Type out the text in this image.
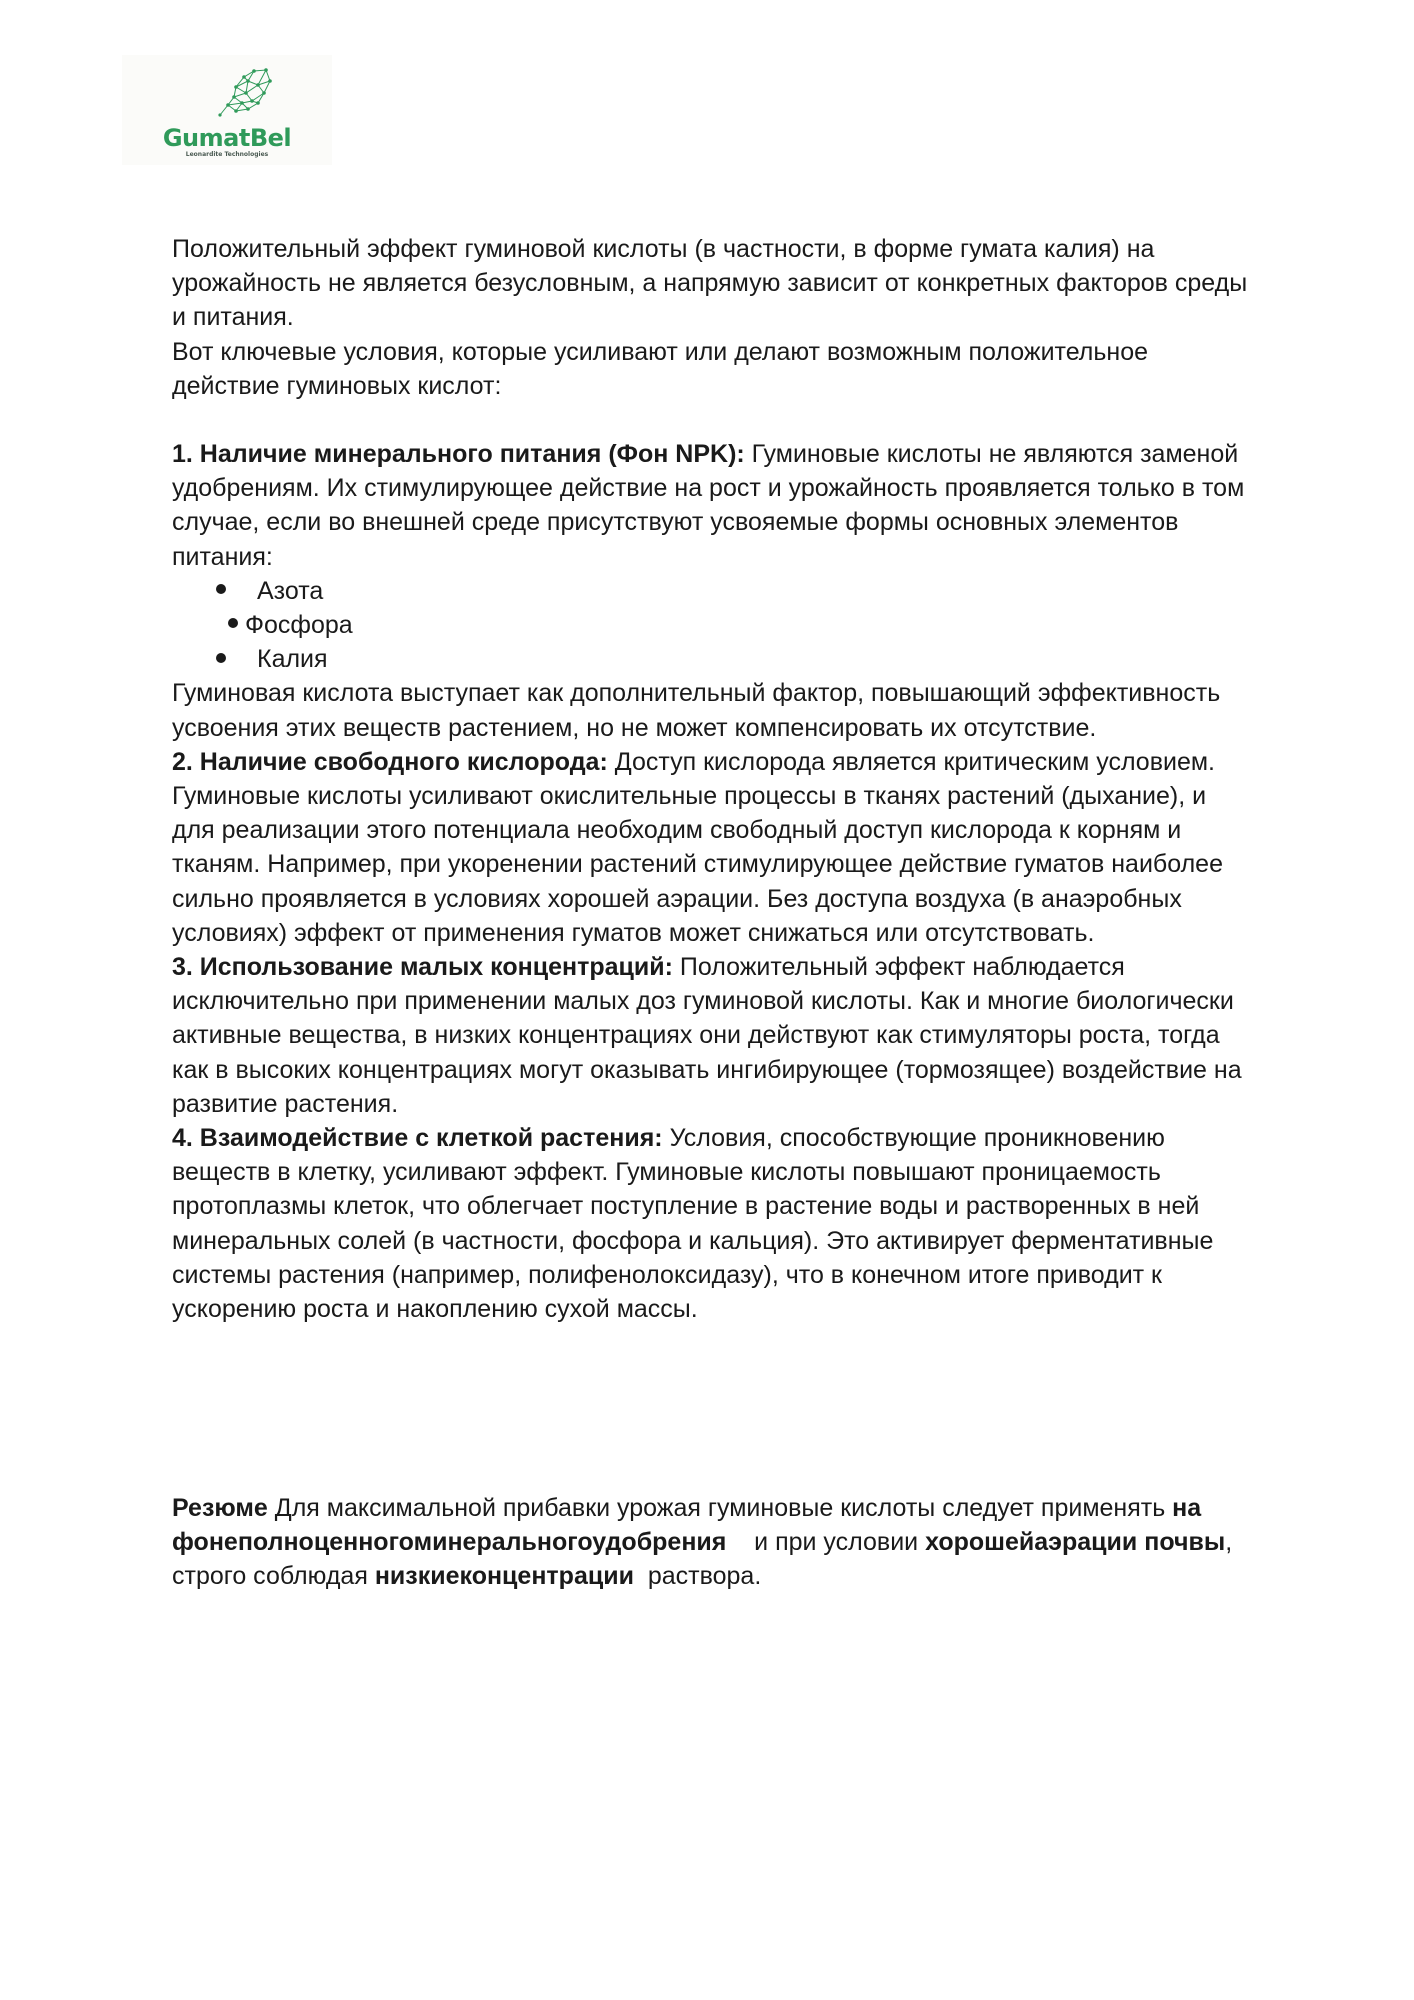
GumatBel
Leonardite Technologies

Положительный эффект гуминовой кислоты (в частности, в форме гумата калия) на урожайность не является безусловным, а напрямую зависит от конкретных факторов среды и питания.

Вот ключевые условия, которые усиливают или делают возможным положительное действие гуминовых кислот:

1. Наличие минерального питания (Фон NPK): Гуминовые кислоты не являются заменой удобрениям. Их стимулирующее действие на рост и урожайность проявляется только в том случае, если во внешней среде присутствуют усвояемые формы основных элементов питания:

Азота
Фосфора
Калия

Гуминовая кислота выступает как дополнительный фактор, повышающий эффективность усвоения этих веществ растением, но не может компенсировать их отсутствие.

2. Наличие свободного кислорода: Доступ кислорода является критическим условием. Гуминовые кислоты усиливают окислительные процессы в тканях растений (дыхание), и для реализации этого потенциала необходим свободный доступ кислорода к корням и тканям. Например, при укоренении растений стимулирующее действие гуматов наиболее сильно проявляется в условиях хорошей аэрации. Без доступа воздуха (в анаэробных условиях) эффект от применения гуматов может снижаться или отсутствовать.

3. Использование малых концентраций: Положительный эффект наблюдается исключительно при применении малых доз гуминовой кислоты. Как и многие биологически активные вещества, в низких концентрациях они действуют как стимуляторы роста, тогда как в высоких концентрациях могут оказывать ингибирующее (тормозящее) воздействие на развитие растения.

4. Взаимодействие с клеткой растения: Условия, способствующие проникновению веществ в клетку, усиливают эффект. Гуминовые кислоты повышают проницаемость протоплазмы клеток, что облегчает поступление в растение воды и растворенных в ней минеральных солей (в частности, фосфора и кальция). Это активирует ферментативные системы растения (например, полифенолоксидазу), что в конечном итоге приводит к ускорению роста и накоплению сухой массы.

Резюме Для максимальной прибавки урожая гуминовые кислоты следует применять на фонеполноценногоминеральногоудобрения    и при условии хорошейаэрации почвы, строго соблюдая низкиеконцентрации  раствора.
